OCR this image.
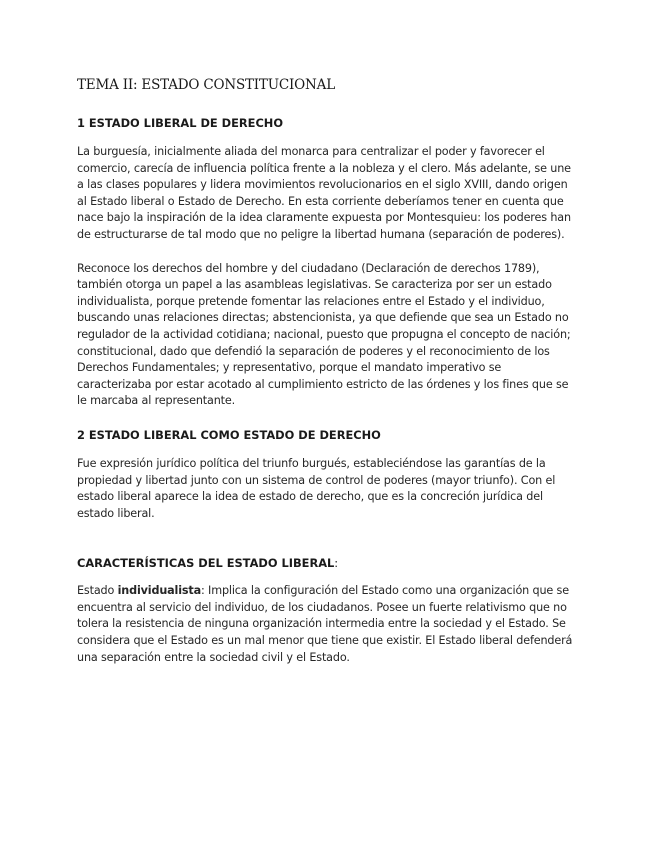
TEMA II: ESTADO CONSTITUCIONAL
1 ESTADO LIBERAL DE DERECHO

La burguesía, inicialmente aliada del monarca para centralizar el poder y favorecer el comercio, carecía de influencia política frente a la nobleza y el clero. Más adelante, se une a las clases populares y lidera movimientos revolucionarios en el siglo XVIII, dando origen al Estado liberal o Estado de Derecho. En esta corriente deberíamos tener en cuenta que nace bajo la inspiración de la idea claramente expuesta por Montesquieu: los poderes han de estructurarse de tal modo que no peligre la libertad humana (separación de poderes).

Reconoce los derechos del hombre y del ciudadano (Declaración de derechos 1789), también otorga un papel a las asambleas legislativas. Se caracteriza por ser un estado individualista, porque pretende fomentar las relaciones entre el Estado y el individuo, buscando unas relaciones directas; abstencionista, ya que defiende que sea un Estado no regulador de la actividad cotidiana; nacional, puesto que propugna el concepto de nación; constitucional, dado que defendió la separación de poderes y el reconocimiento de los Derechos Fundamentales; y representativo, porque el mandato imperativo se caracterizaba por estar acotado al cumplimiento estricto de las órdenes y los fines que se le marcaba al representante.

2 ESTADO LIBERAL COMO ESTADO DE DERECHO

Fue expresión jurídico política del triunfo burgués, estableciéndose las garantías de la propiedad y libertad junto con un sistema de control de poderes (mayor triunfo). Con el estado liberal aparece la idea de estado de derecho, que es la concreción jurídica del estado liberal.

CARACTERÍSTICAS DEL ESTADO LIBERAL:

Estado individualista: Implica la configuración del Estado como una organización que se encuentra al servicio del individuo, de los ciudadanos. Posee un fuerte relativismo que no tolera la resistencia de ninguna organización intermedia entre la sociedad y el Estado. Se considera que el Estado es un mal menor que tiene que existir. El Estado liberal defenderá una separación entre la sociedad civil y el Estado.
